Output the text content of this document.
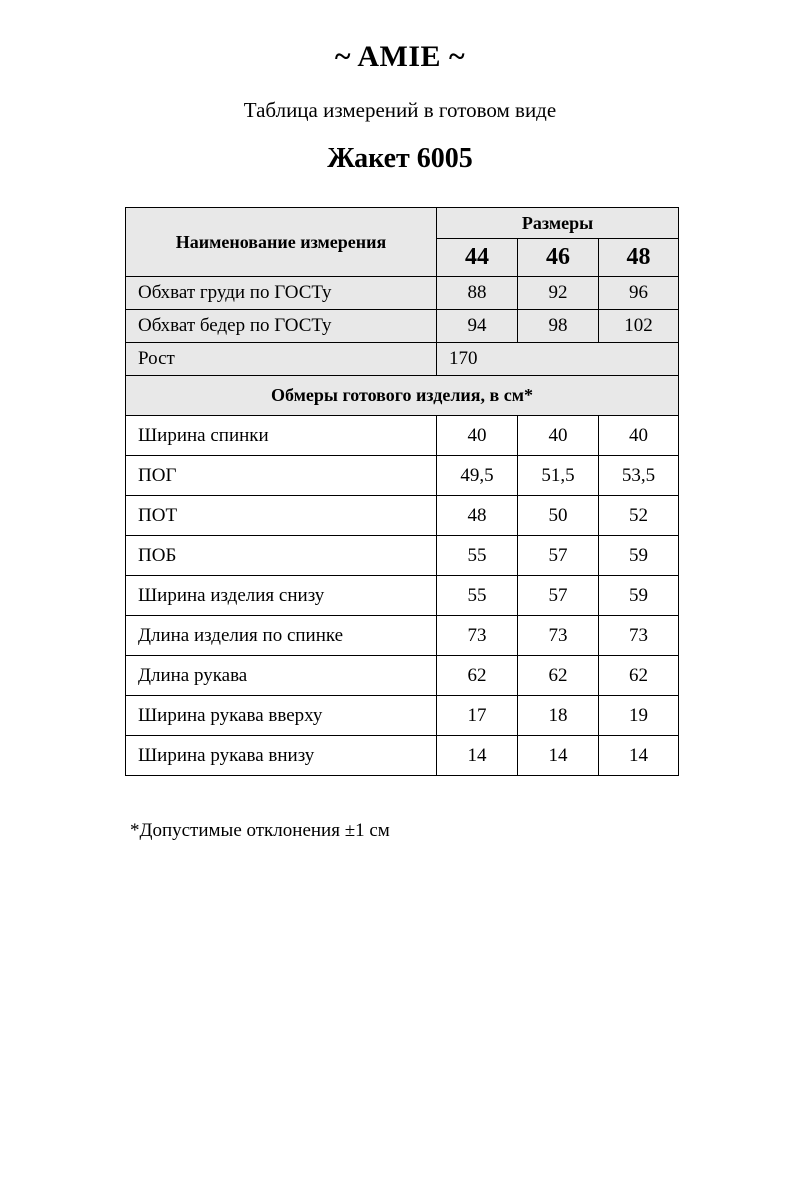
~ AMIE ~
Таблица измерений в готовом виде
Жакет 6005
Наименование измерения	Размеры		
	44	46	48
Обхват груди по ГОСТу	88	92	96
Обхват бедер по ГОСТу	94	98	102
Рост	170		
Обмеры готового изделия, в см*			
Ширина спинки	40	40	40
ПОГ	49,5	51,5	53,5
ПОТ	48	50	52
ПОБ	55	57	59
Ширина изделия снизу	55	57	59
Длина изделия по спинке	73	73	73
Длина рукава	62	62	62
Ширина рукава вверху	17	18	19
Ширина рукава внизу	14	14	14
*Допустимые отклонения ±1 см
